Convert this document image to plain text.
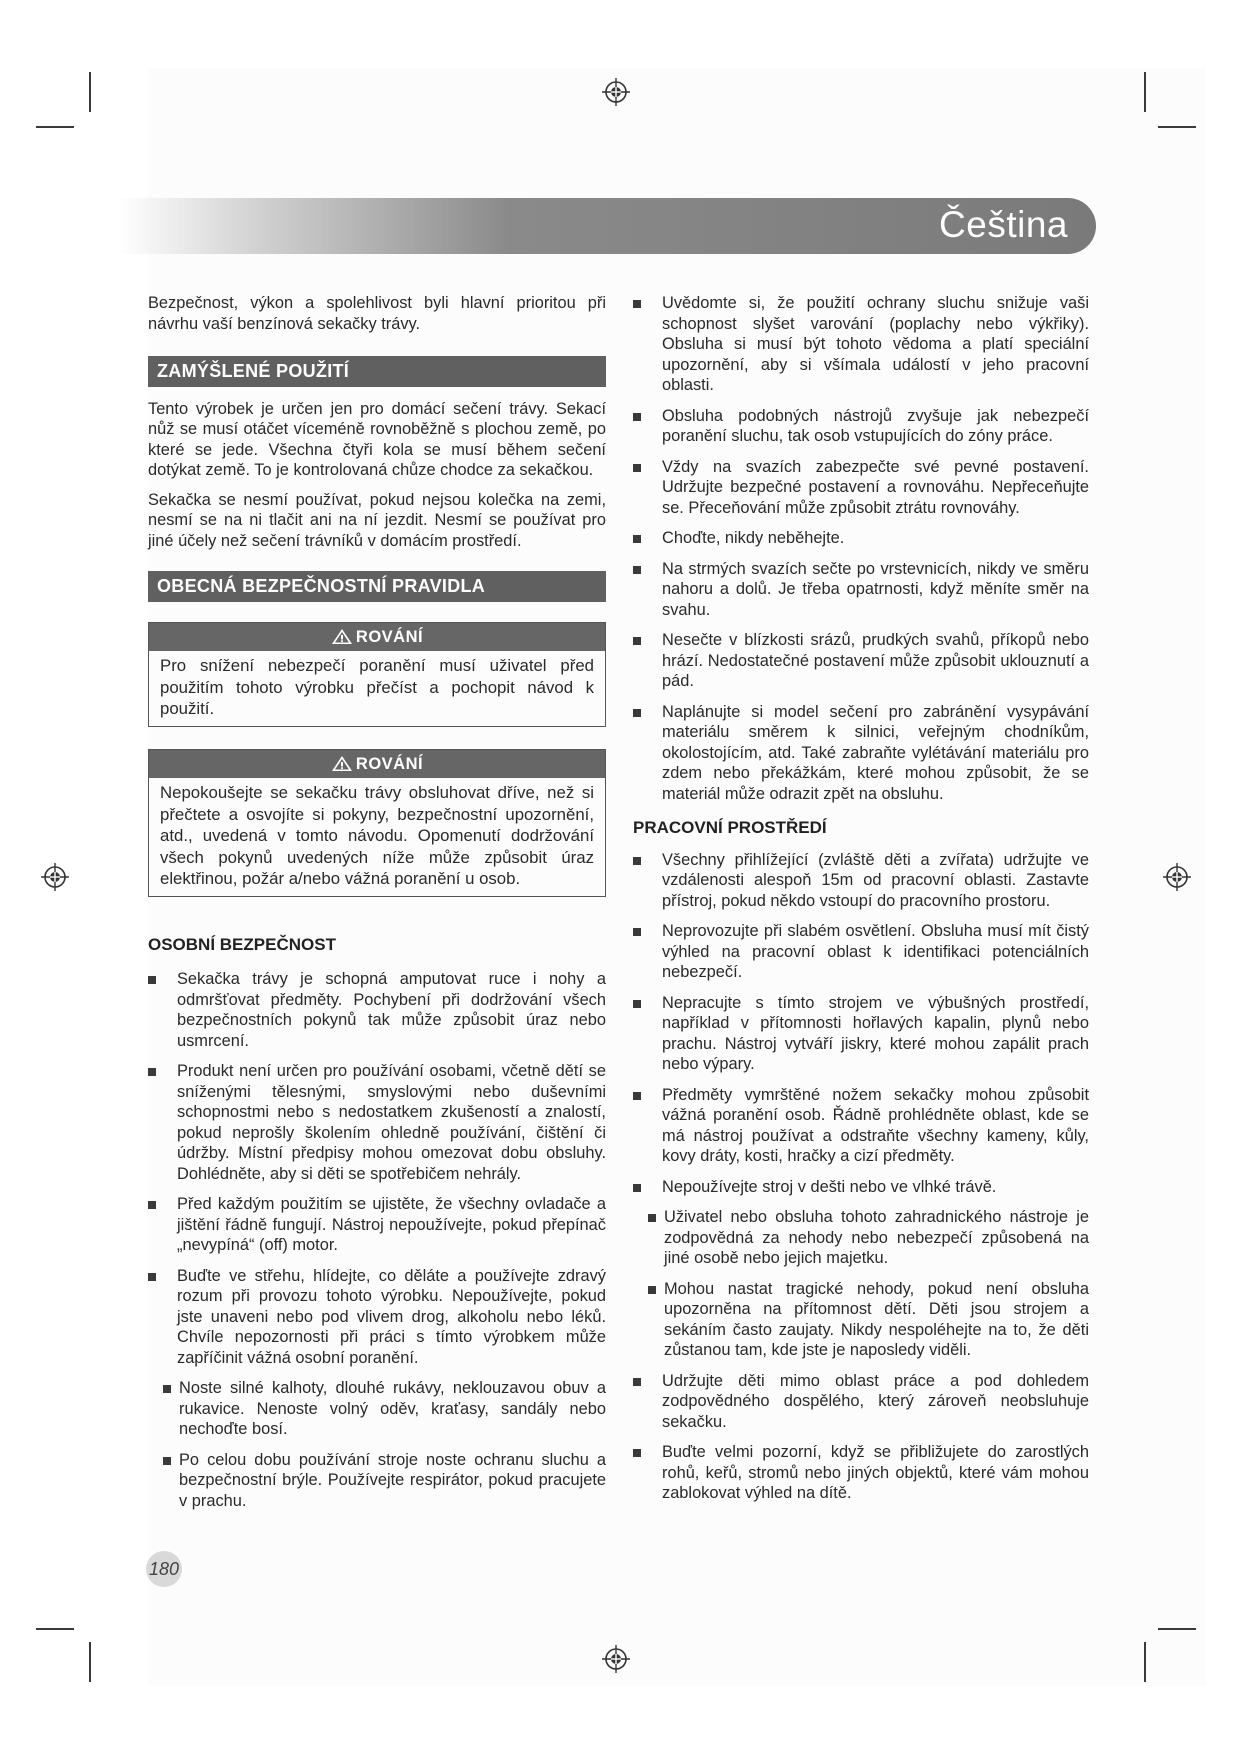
Čeština

Bezpečnost, výkon a spolehlivost byli hlavní prioritou při návrhu vaší benzínová sekačky trávy.

ZAMÝŠLENÉ POUŽITÍ

Tento výrobek je určen jen pro domácí sečení trávy. Sekací nůž se musí otáčet víceméně rovnoběžně s plochou země, po které se jede. Všechna čtyři kola se musí během sečení dotýkat země. To je kontrolovaná chůze chodce za sekačkou.

Sekačka se nesmí používat, pokud nejsou kolečka na zemi, nesmí se na ni tlačit ani na ní jezdit. Nesmí se používat pro jiné účely než sečení trávníků v domácím prostředí.

OBECNÁ BEZPEČNOSTNÍ PRAVIDLA
ROVÁNÍ
Pro snížení nebezpečí poranění musí uživatel před použitím tohoto výrobku přečíst a pochopit návod k použití.
ROVÁNÍ
Nepokoušejte se sekačku trávy obsluhovat dříve, než si přečtete a osvojíte si pokyny, bezpečnostní upozornění, atd., uvedená v tomto návodu. Opomenutí dodržování všech pokynů uvedených níže může způsobit úraz elektřinou, požár a/nebo vážná poranění u osob.
OSOBNÍ BEZPEČNOST
Sekačka trávy je schopná amputovat ruce i nohy a odmršťovat předměty. Pochybení při dodržování všech bezpečnostních pokynů tak může způsobit úraz nebo usmrcení.
Produkt není určen pro používání osobami, včetně dětí se sníženými tělesnými, smyslovými nebo duševními schopnostmi nebo s nedostatkem zkušeností a znalostí, pokud neprošly školením ohledně používání, čištění či údržby. Místní předpisy mohou omezovat dobu obsluhy. Dohlédněte, aby si děti se spotřebičem nehrály.
Před každým použitím se ujistěte, že všechny ovladače a jištění řádně fungují. Nástroj nepoužívejte, pokud přepínač „nevypíná“ (off) motor.
Buďte ve střehu, hlídejte, co děláte a používejte zdravý rozum při provozu tohoto výrobku. Nepoužívejte, pokud jste unaveni nebo pod vlivem drog, alkoholu nebo léků. Chvíle nepozornosti při práci s tímto výrobkem může zapříčinit vážná osobní poranění.
Noste silné kalhoty, dlouhé rukávy, neklouzavou obuv a rukavice. Nenoste volný oděv, kraťasy, sandály nebo nechoďte bosí.
Po celou dobu používání stroje noste ochranu sluchu a bezpečnostní brýle. Používejte respirátor, pokud pracujete v prachu.
Uvědomte si, že použití ochrany sluchu snižuje vaši schopnost slyšet varování (poplachy nebo výkřiky). Obsluha si musí být tohoto vědoma a platí speciální upozornění, aby si všímala událostí v jeho pracovní oblasti.
Obsluha podobných nástrojů zvyšuje jak nebezpečí poranění sluchu, tak osob vstupujících do zóny práce.
Vždy na svazích zabezpečte své pevné postavení. Udržujte bezpečné postavení a rovnováhu. Nepřeceňujte se. Přeceňování může způsobit ztrátu rovnováhy.
Choďte, nikdy neběhejte.
Na strmých svazích sečte po vrstevnicích, nikdy ve směru nahoru a dolů. Je třeba opatrnosti, když měníte směr na svahu.
Nesečte v blízkosti srázů, prudkých svahů, příkopů nebo hrází. Nedostatečné postavení může způsobit uklouznutí a pád.
Naplánujte si model sečení pro zabránění vysypávání materiálu směrem k silnici, veřejným chodníkům, okolostojícím, atd. Také zabraňte vylétávání materiálu pro zdem nebo překážkám, které mohou způsobit, že se materiál může odrazit zpět na obsluhu.
PRACOVNÍ PROSTŘEDÍ
Všechny přihlížející (zvláště děti a zvířata) udržujte ve vzdálenosti alespoň 15m od pracovní oblasti. Zastavte přístroj, pokud někdo vstoupí do pracovního prostoru.
Neprovozujte při slabém osvětlení. Obsluha musí mít čistý výhled na pracovní oblast k identifikaci potenciálních nebezpečí.
Nepracujte s tímto strojem ve výbušných prostředí, například v přítomnosti hořlavých kapalin, plynů nebo prachu. Nástroj vytváří jiskry, které mohou zapálit prach nebo výpary.
Předměty vymrštěné nožem sekačky mohou způsobit vážná poranění osob. Řádně prohlédněte oblast, kde se má nástroj používat a odstraňte všechny kameny, kůly, kovy dráty, kosti, hračky a cizí předměty.
Nepoužívejte stroj v dešti nebo ve vlhké trávě.
Uživatel nebo obsluha tohoto zahradnického nástroje je zodpovědná za nehody nebo nebezpečí způsobená na jiné osobě nebo jejich majetku.
Mohou nastat tragické nehody, pokud není obsluha upozorněna na přítomnost dětí. Děti jsou strojem a sekáním často zaujaty. Nikdy nespoléhejte na to, že děti zůstanou tam, kde jste je naposledy viděli.
Udržujte děti mimo oblast práce a pod dohledem zodpovědného dospělého, který zároveň neobsluhuje sekačku.
Buďte velmi pozorní, když se přibližujete do zarostlých rohů, keřů, stromů nebo jiných objektů, které vám mohou zablokovat výhled na dítě.
180
